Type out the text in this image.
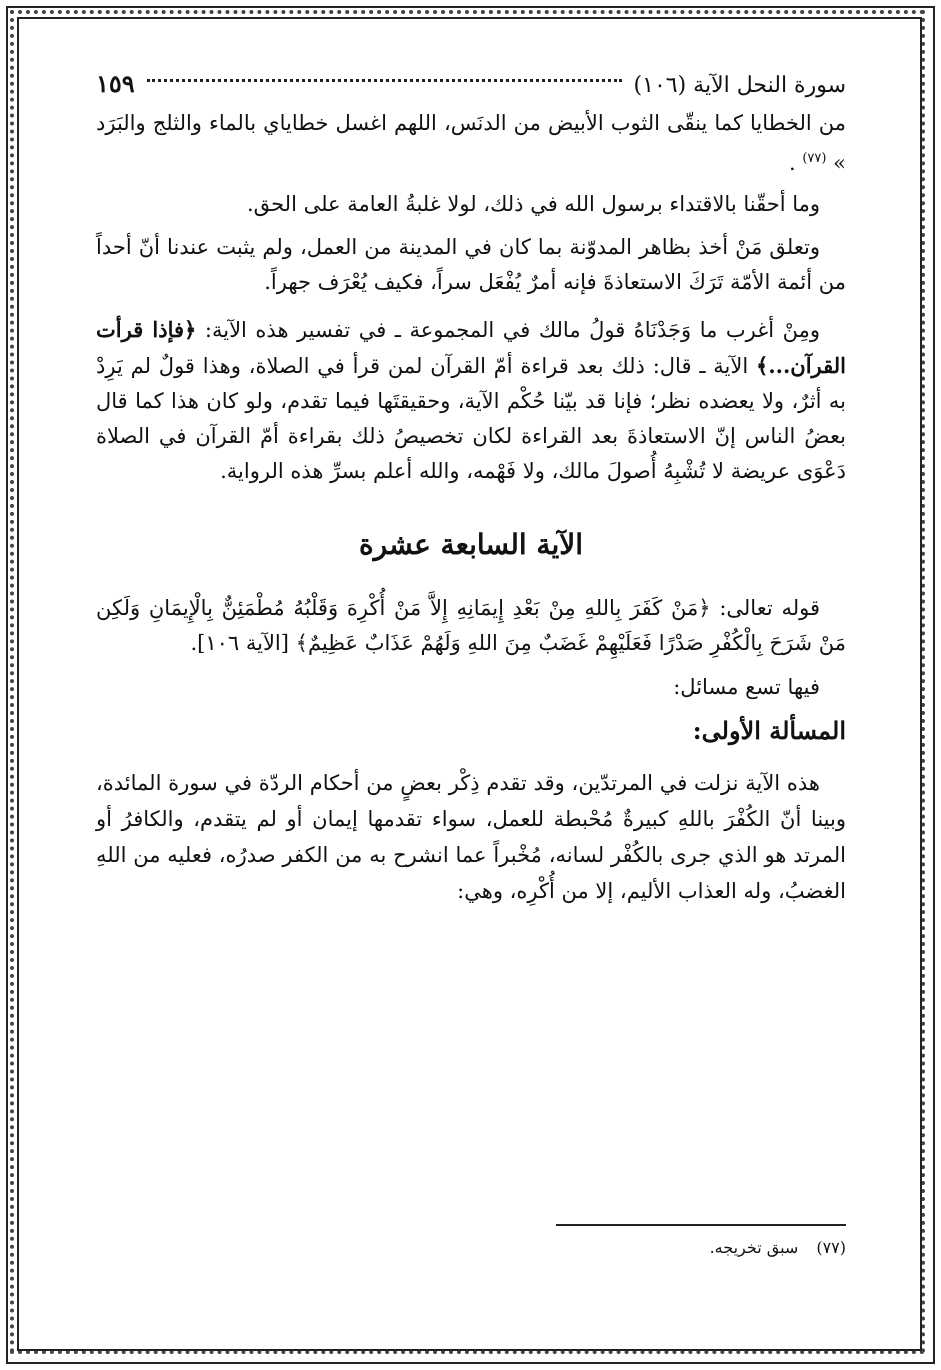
سورة النحل الآية (١٠٦)
١٥٩

من الخطايا كما ينقّى الثوب الأبيض من الدنَس، اللهم اغسل خطاياي بالماء والثلج والبَرَد » $^{(٧٧)}$ .

وما أحقّنا بالاقتداء برسول الله في ذلك، لولا غلبةُ العامة على الحق.

وتعلق مَنْ أخذ بظاهر المدوّنة بما كان في المدينة من العمل، ولم يثبت عندنا أنّ أحداً من أئمة الأمّة تَرَكَ الاستعاذةَ فإنه أمرٌ يُفْعَل سراً، فكيف يُعْرَف جهراً.

ومِنْ أغرب ما وَجَدْنَاهُ قولُ مالك في المجموعة ـ في تفسير هذه الآية: ﴿فإذا قرأت القرآن...﴾ الآية ـ قال: ذلك بعد قراءة أمّ القرآن لمن قرأ في الصلاة، وهذا قولٌ لم يَرِدْ به أثرٌ، ولا يعضده نظر؛ فإنا قد بيّنا حُكْم الآية، وحقيقتَها فيما تقدم، ولو كان هذا كما قال بعضُ الناس إنّ الاستعاذةَ بعد القراءة لكان تخصيصُ ذلك بقراءة أمّ القرآن في الصلاة دَعْوَى عريضة لا تُشْبِهُ أُصولَ مالك، ولا فَهْمه، والله أعلم بسرِّ هذه الرواية.

الآية السابعة عشرة

قوله تعالى: ﴿مَنْ كَفَرَ بِاللهِ مِنْ بَعْدِ إِيمَانِهِ إِلاَّ مَنْ أُكْرِهَ وَقَلْبُهُ مُطْمَئِنٌّ بِالْإِيمَانِ وَلَكِن مَنْ شَرَحَ بِالْكُفْرِ صَدْرًا فَعَلَيْهِمْ غَضَبٌ مِنَ اللهِ وَلَهُمْ عَذَابٌ عَظِيمٌ﴾ [الآية ١٠٦].

فيها تسع مسائل:

المسألة الأولى:

هذه الآية نزلت في المرتدّين، وقد تقدم ذِكْر بعضٍ من أحكام الردّة في سورة المائدة، وبينا أنّ الكُفْرَ باللهِ كبيرةٌ مُحْبطة للعمل، سواء تقدمها إيمان أو لم يتقدم، والكافرُ أو المرتد هو الذي جرى بالكُفْر لسانه، مُخْبراً عما انشرح به من الكفر صدرُه، فعليه من اللهِ الغضبُ، وله العذاب الأليم، إلا من أُكْرِه، وهي:

(٧٧)سبق تخريجه.
